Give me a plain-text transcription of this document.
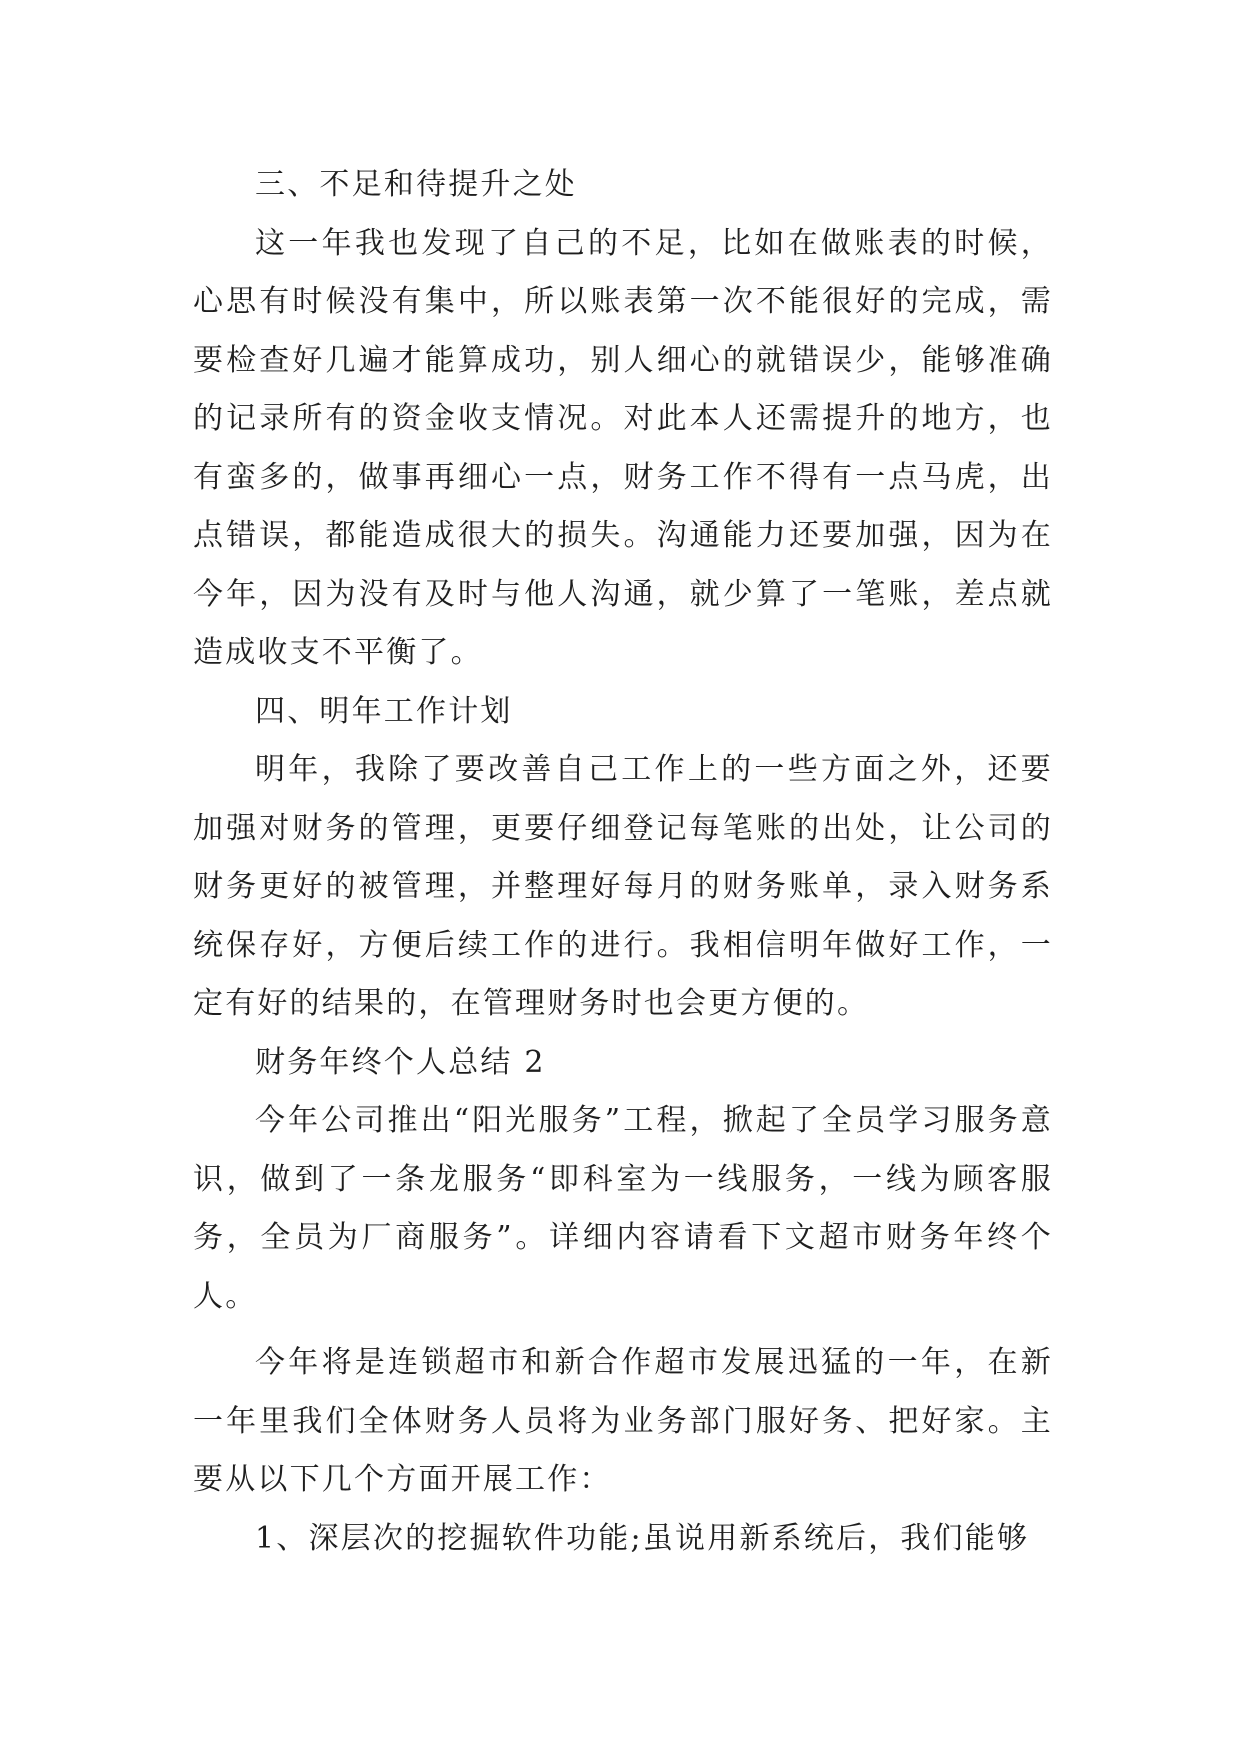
三、不足和待提升之处

这一年我也发现了自己的不足，比如在做账表的时候，心思有时候没有集中，所以账表第一次不能很好的完成，需要检查好几遍才能算成功，别人细心的就错误少，能够准确的记录所有的资金收支情况。对此本人还需提升的地方，也有蛮多的，做事再细心一点，财务工作不得有一点马虎，出点错误，都能造成很大的损失。沟通能力还要加强，因为在今年，因为没有及时与他人沟通，就少算了一笔账，差点就造成收支不平衡了。

四、明年工作计划

明年，我除了要改善自己工作上的一些方面之外，还要加强对财务的管理，更要仔细登记每笔账的出处，让公司的财务更好的被管理，并整理好每月的财务账单，录入财务系统保存好，方便后续工作的进行。我相信明年做好工作，一定有好的结果的，在管理财务时也会更方便的。

财务年终个人总结 2

今年公司推出“阳光服务”工程，掀起了全员学习服务意识，做到了一条龙服务“即科室为一线服务，一线为顾客服务，全员为厂商服务”。详细内容请看下文超市财务年终个人。

今年将是连锁超市和新合作超市发展迅猛的一年，在新一年里我们全体财务人员将为业务部门服好务、把好家。主要从以下几个方面开展工作：

1、深层次的挖掘软件功能;虽说用新系统后，我们能够
